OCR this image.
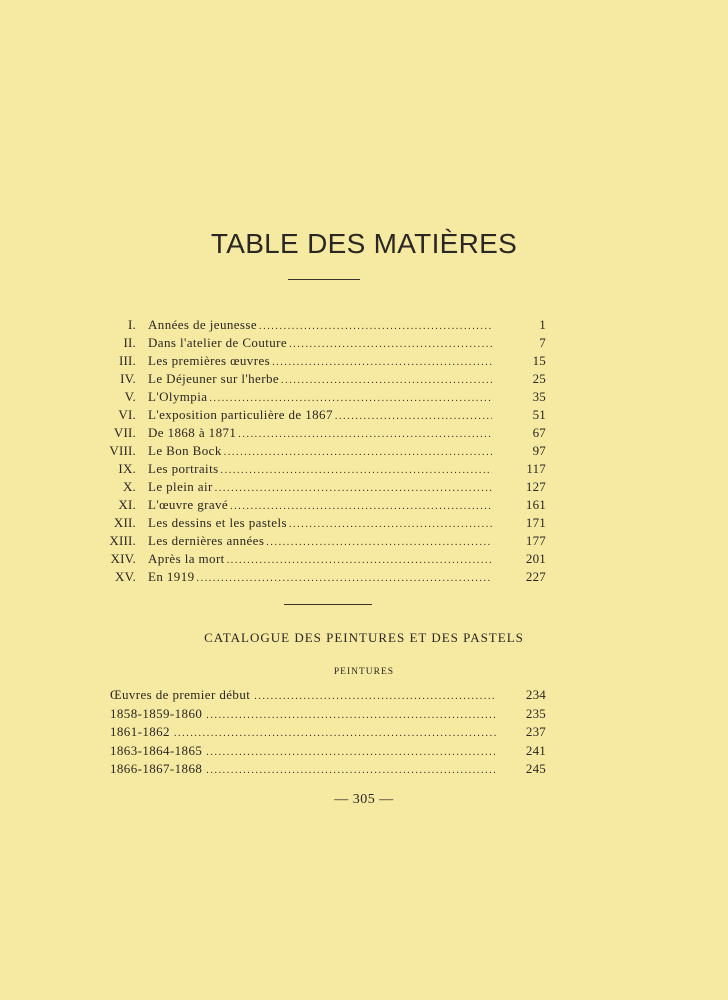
TABLE DES MATIÈRES
I. Années de jeunesse .....	1
II. Dans l'atelier de Couture .....	7
III. Les premières œuvres .....	15
IV. Le Déjeuner sur l'herbe .....	25
V. L'Olympia .....	35
VI. L'exposition particulière de 1867 .....	51
VII. De 1868 à 1871 .....	67
VIII. Le Bon Bock .....	97
IX. Les portraits .....	117
X. Le plein air .....	127
XI. L'œuvre gravé .....	161
XII. Les dessins et les pastels .....	171
XIII. Les dernières années .....	177
XIV. Après la mort .....	201
XV. En 1919 .....	227
CATALOGUE DES PEINTURES ET DES PASTELS
PEINTURES
Œuvres de premier début .....	234
1858-1859-1860 .....	235
1861-1862 .....	237
1863-1864-1865 .....	241
1866-1867-1868 .....	245
— 305 —
